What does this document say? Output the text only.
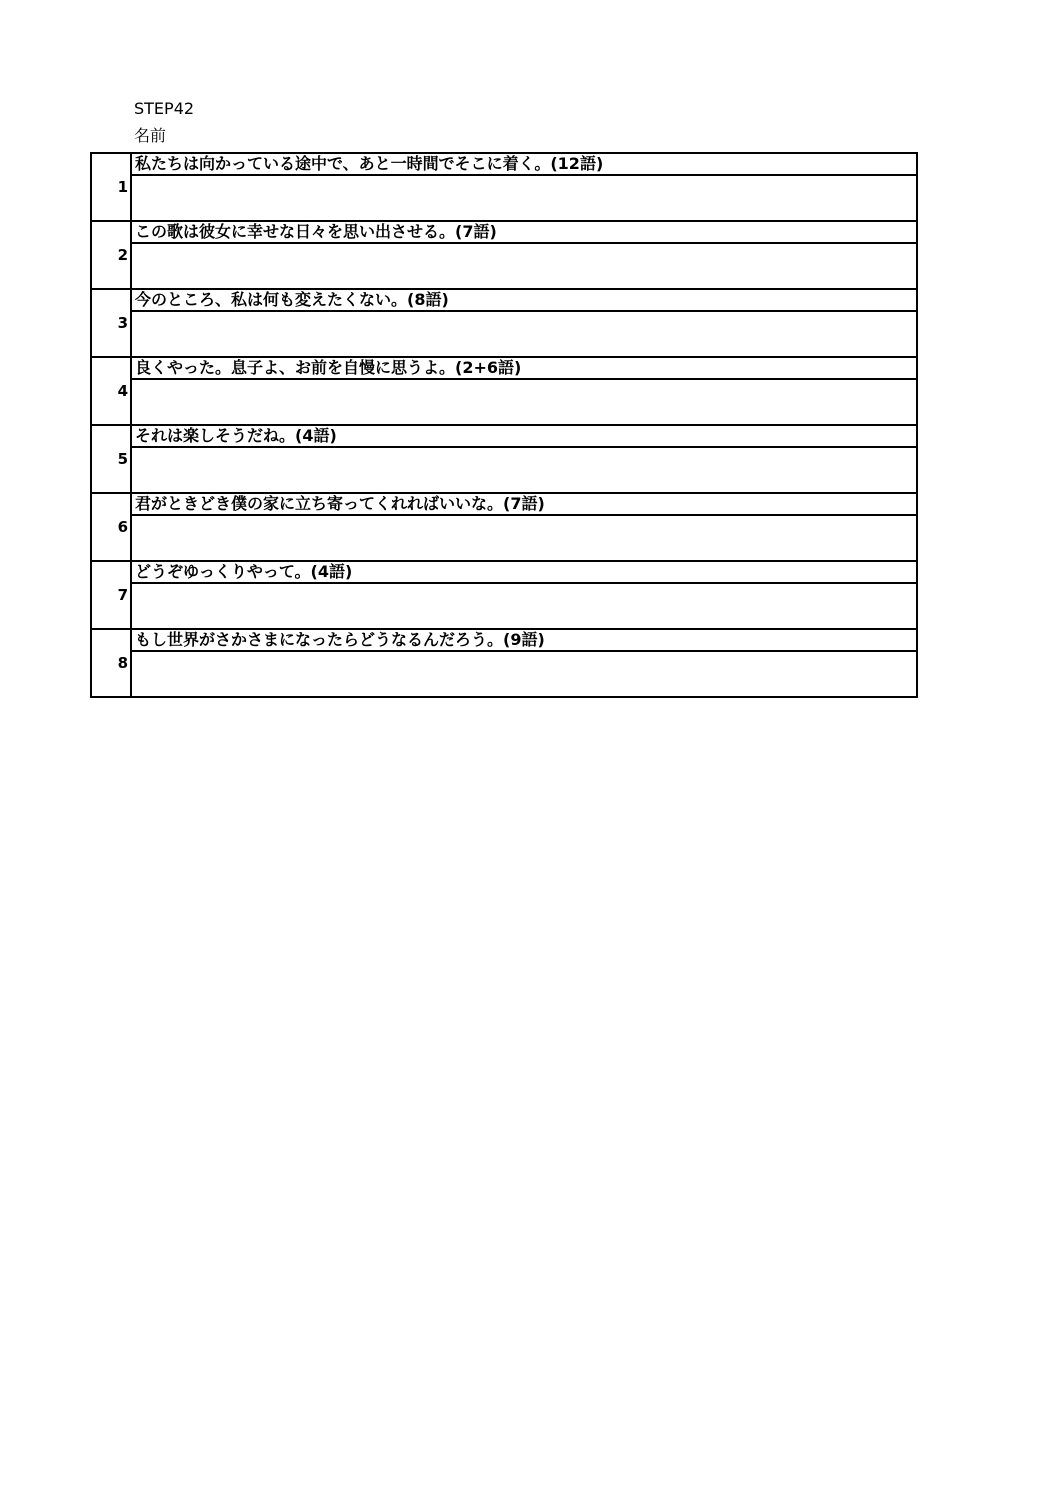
STEP42
名前
1
私たちは向かっている途中で、あと一時間でそこに着く。(12語)
2
この歌は彼女に幸せな日々を思い出させる。(7語)
3
今のところ、私は何も変えたくない。(8語)
4
良くやった。息子よ、お前を自慢に思うよ。(2+6語)
5
それは楽しそうだね。(4語)
6
君がときどき僕の家に立ち寄ってくれればいいな。(7語)
7
どうぞゆっくりやって。(4語)
8
もし世界がさかさまになったらどうなるんだろう。(9語)
